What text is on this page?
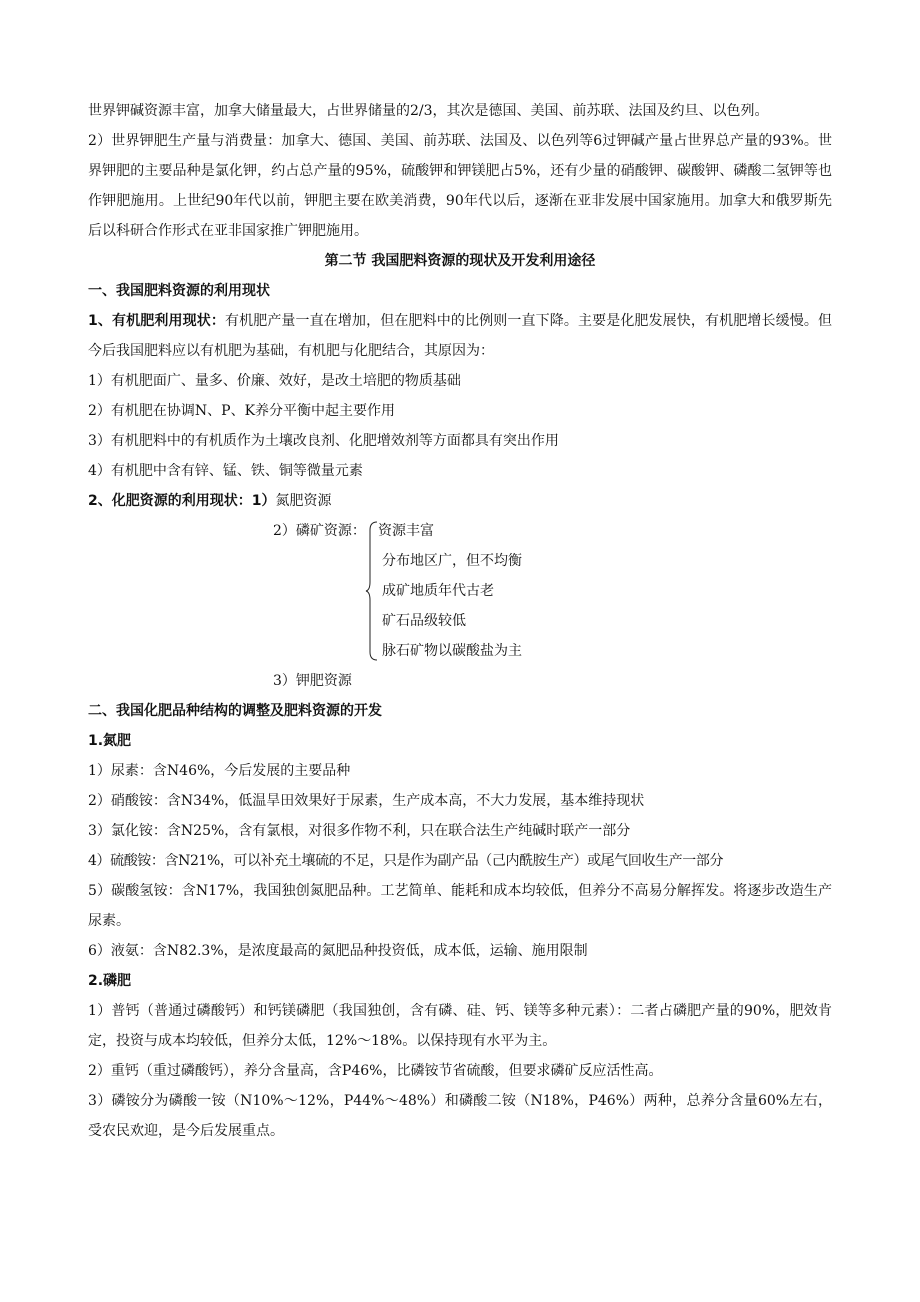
世界钾碱资源丰富，加拿大储量最大，占世界储量的2/3，其次是德国、美国、前苏联、法国及约旦、以色列。
2）世界钾肥生产量与消费量：加拿大、德国、美国、前苏联、法国及、以色列等6过钾碱产量占世界总产量的93%。世界钾肥的主要品种是氯化钾，约占总产量的95%，硫酸钾和钾镁肥占5%，还有少量的硝酸钾、碳酸钾、磷酸二氢钾等也作钾肥施用。上世纪90年代以前，钾肥主要在欧美消费，90年代以后，逐渐在亚非发展中国家施用。加拿大和俄罗斯先后以科研合作形式在亚非国家推广钾肥施用。
第二节 我国肥料资源的现状及开发利用途径
一、我国肥料资源的利用现状
1、有机肥利用现状：有机肥产量一直在增加，但在肥料中的比例则一直下降。主要是化肥发展快，有机肥增长缓慢。但今后我国肥料应以有机肥为基础，有机肥与化肥结合，其原因为：
1）有机肥面广、量多、价廉、效好，是改土培肥的物质基础
2）有机肥在协调N、P、K养分平衡中起主要作用
3）有机肥料中的有机质作为土壤改良剂、化肥增效剂等方面都具有突出作用
4）有机肥中含有锌、锰、铁、铜等微量元素
2、化肥资源的利用现状：1）氮肥资源
2）磷矿资源： 资源丰富
分布地区广，但不均衡
成矿地质年代古老
矿石品级较低
脉石矿物以碳酸盐为主
3）钾肥资源
二、我国化肥品种结构的调整及肥料资源的开发
1.氮肥
1）尿素：含N46%，今后发展的主要品种
2）硝酸铵：含N34%，低温旱田效果好于尿素，生产成本高，不大力发展，基本维持现状
3）氯化铵：含N25%，含有氯根，对很多作物不利，只在联合法生产纯碱时联产一部分
4）硫酸铵：含N21%，可以补充土壤硫的不足，只是作为副产品（己内酰胺生产）或尾气回收生产一部分
5）碳酸氢铵：含N17%，我国独创氮肥品种。工艺简单、能耗和成本均较低，但养分不高易分解挥发。将逐步改造生产尿素。
6）液氨：含N82.3%，是浓度最高的氮肥品种投资低，成本低，运输、施用限制
2.磷肥
1）普钙（普通过磷酸钙）和钙镁磷肥（我国独创，含有磷、硅、钙、镁等多种元素）：二者占磷肥产量的90%，肥效肯定，投资与成本均较低，但养分太低，12%～18%。以保持现有水平为主。
2）重钙（重过磷酸钙），养分含量高，含P46%，比磷铵节省硫酸，但要求磷矿反应活性高。
3）磷铵分为磷酸一铵（N10%～12%，P44%～48%）和磷酸二铵（N18%，P46%）两种，总养分含量60%左右，受农民欢迎，是今后发展重点。
